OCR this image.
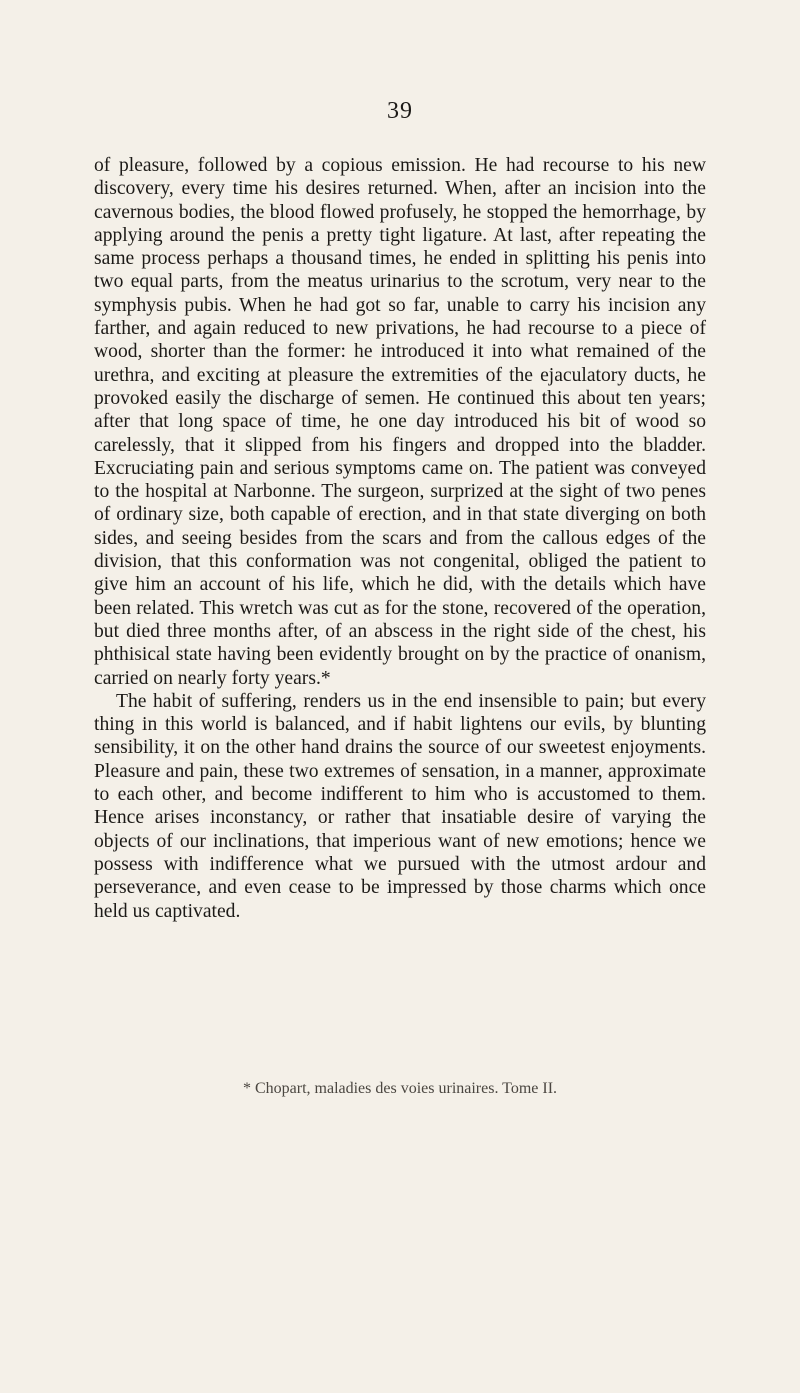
39

of pleasure, followed by a copious emission. He had recourse to his new discovery, every time his desires returned. When, after an incision into the cavernous bodies, the blood flowed profusely, he stopped the hemorrhage, by applying around the penis a pretty tight ligature. At last, after repeating the same process perhaps a thousand times, he ended in splitting his penis into two equal parts, from the meatus urinarius to the scrotum, very near to the symphysis pubis. When he had got so far, unable to carry his incision any farther, and again reduced to new privations, he had recourse to a piece of wood, shorter than the former: he introduced it into what remained of the urethra, and exciting at pleasure the extremities of the ejaculatory ducts, he provoked easily the discharge of semen. He continued this about ten years; after that long space of time, he one day introduced his bit of wood so carelessly, that it slipped from his fingers and dropped into the bladder. Excruciating pain and serious symptoms came on. The patient was conveyed to the hospital at Narbonne. The surgeon, surprized at the sight of two penes of ordinary size, both capable of erection, and in that state diverging on both sides, and seeing besides from the scars and from the callous edges of the division, that this conformation was not congenital, obliged the patient to give him an account of his life, which he did, with the details which have been related. This wretch was cut as for the stone, recovered of the operation, but died three months after, of an abscess in the right side of the chest, his phthisical state having been evidently brought on by the practice of onanism, carried on nearly forty years.*

The habit of suffering, renders us in the end insensible to pain; but every thing in this world is balanced, and if habit lightens our evils, by blunting sensibility, it on the other hand drains the source of our sweetest enjoyments. Pleasure and pain, these two extremes of sensation, in a manner, approximate to each other, and become indifferent to him who is accustomed to them. Hence arises inconstancy, or rather that insatiable desire of varying the objects of our inclinations, that imperious want of new emotions; hence we possess with indifference what we pursued with the utmost ardour and perseverance, and even cease to be impressed by those charms which once held us captivated.

* Chopart, maladies des voies urinaires. Tome II.
